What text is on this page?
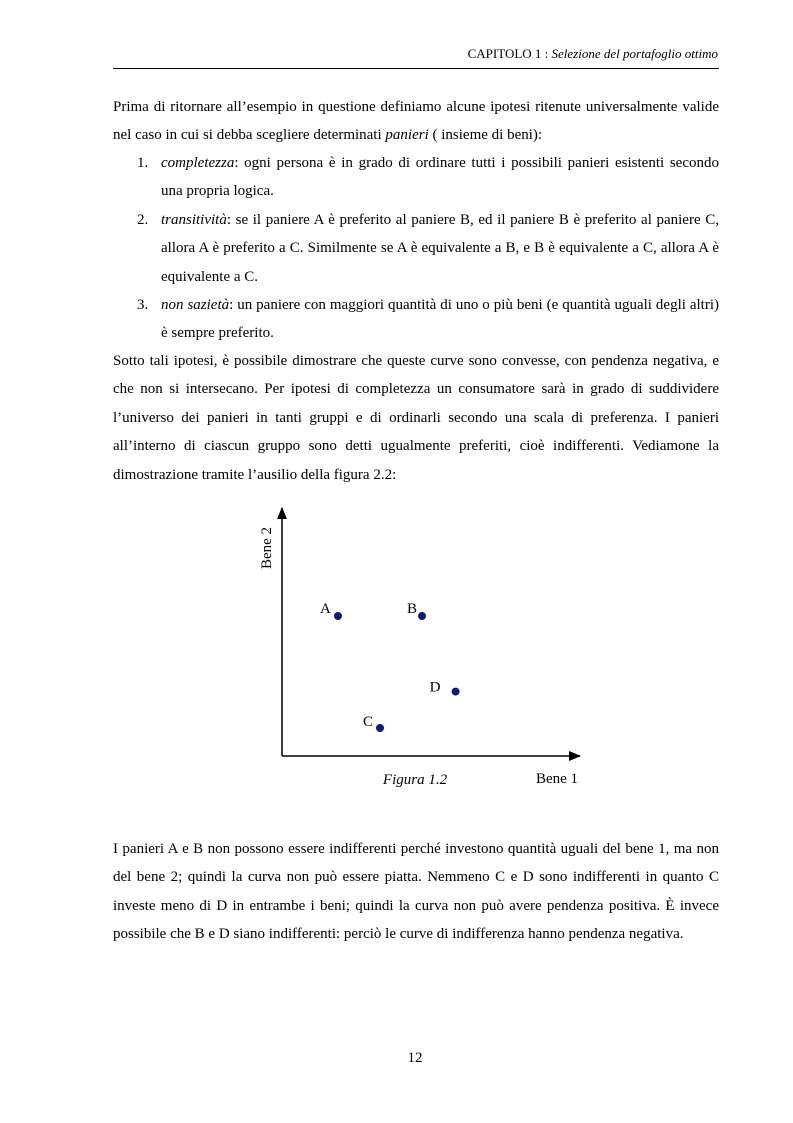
CAPITOLO 1 : Selezione del portafoglio ottimo
Prima di ritornare all’esempio in questione definiamo alcune ipotesi ritenute universalmente valide nel caso in cui si debba scegliere determinati panieri ( insieme di beni):
1. completezza: ogni persona è in grado di ordinare tutti i possibili panieri esistenti secondo una propria logica.
2. transitività: se il paniere A è preferito al paniere B, ed il paniere B è preferito al paniere C, allora A è preferito a C. Similmente se A è equivalente a B, e B è equivalente a C, allora A è equivalente a C.
3. non sazietà: un paniere con maggiori quantità di uno o più beni (e quantità uguali degli altri) è sempre preferito.
Sotto tali ipotesi, è possibile dimostrare che queste curve sono convesse, con pendenza negativa, e che non si intersecano. Per ipotesi di completezza un consumatore sarà in grado di suddividere l’universo dei panieri in tanti gruppi e di ordinarli secondo una scala di preferenza. I panieri all’interno di ciascun gruppo sono detti ugualmente preferiti, cioè indifferenti. Vediamone la dimostrazione tramite l’ausilio della figura 2.2:
Bene 2
Bene 1
A	B
C
D
Figura 1.2
I panieri A e B non possono essere indifferenti perché investono quantità uguali del bene 1, ma non del bene 2; quindi la curva non può essere piatta. Nemmeno C e D sono indifferenti in quanto C investe meno di D in entrambe i beni; quindi la curva non può avere pendenza positiva. È invece possibile che B e D siano indifferenti: perciò le curve di indifferenza hanno pendenza negativa.
12
